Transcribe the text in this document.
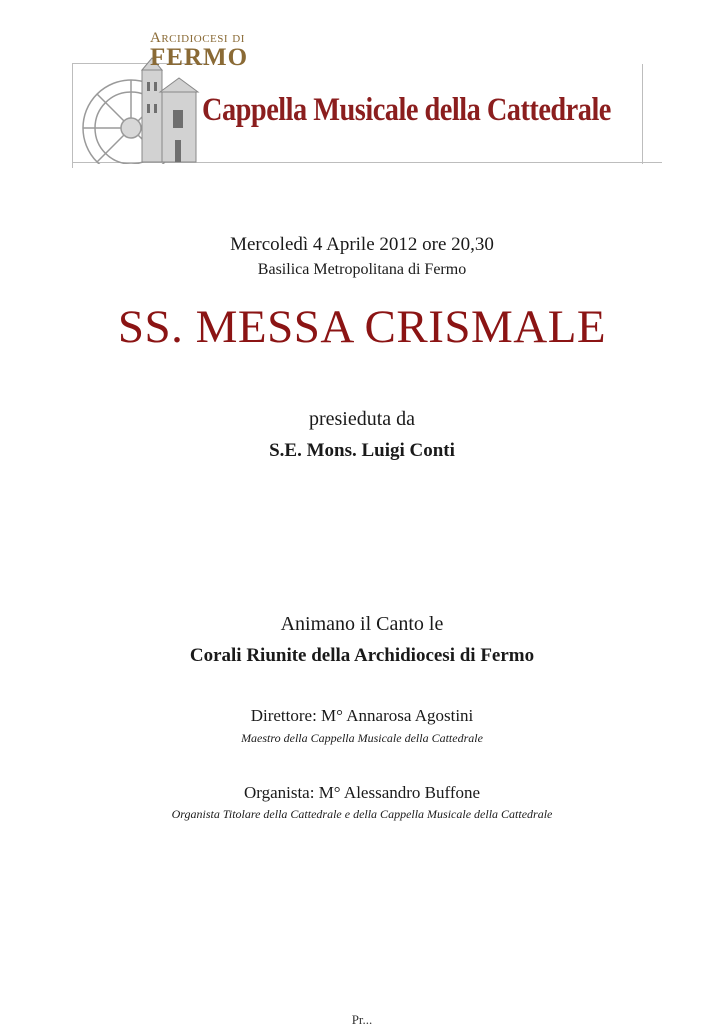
Arcidiocesi di
FERMO
Cappella Musicale della Cattedrale
Mercoledì 4 Aprile 2012 ore 20,30
Basilica Metropolitana di Fermo
SS. MESSA CRISMALE
presieduta da
S.E. Mons. Luigi Conti
Animano il Canto le
Corali Riunite della Archidiocesi di Fermo
Direttore: M° Annarosa Agostini
Maestro della Cappella Musicale della Cattedrale
Organista: M° Alessandro Buffone
Organista Titolare della Cattedrale e della Cappella Musicale della Cattedrale
Pr...
